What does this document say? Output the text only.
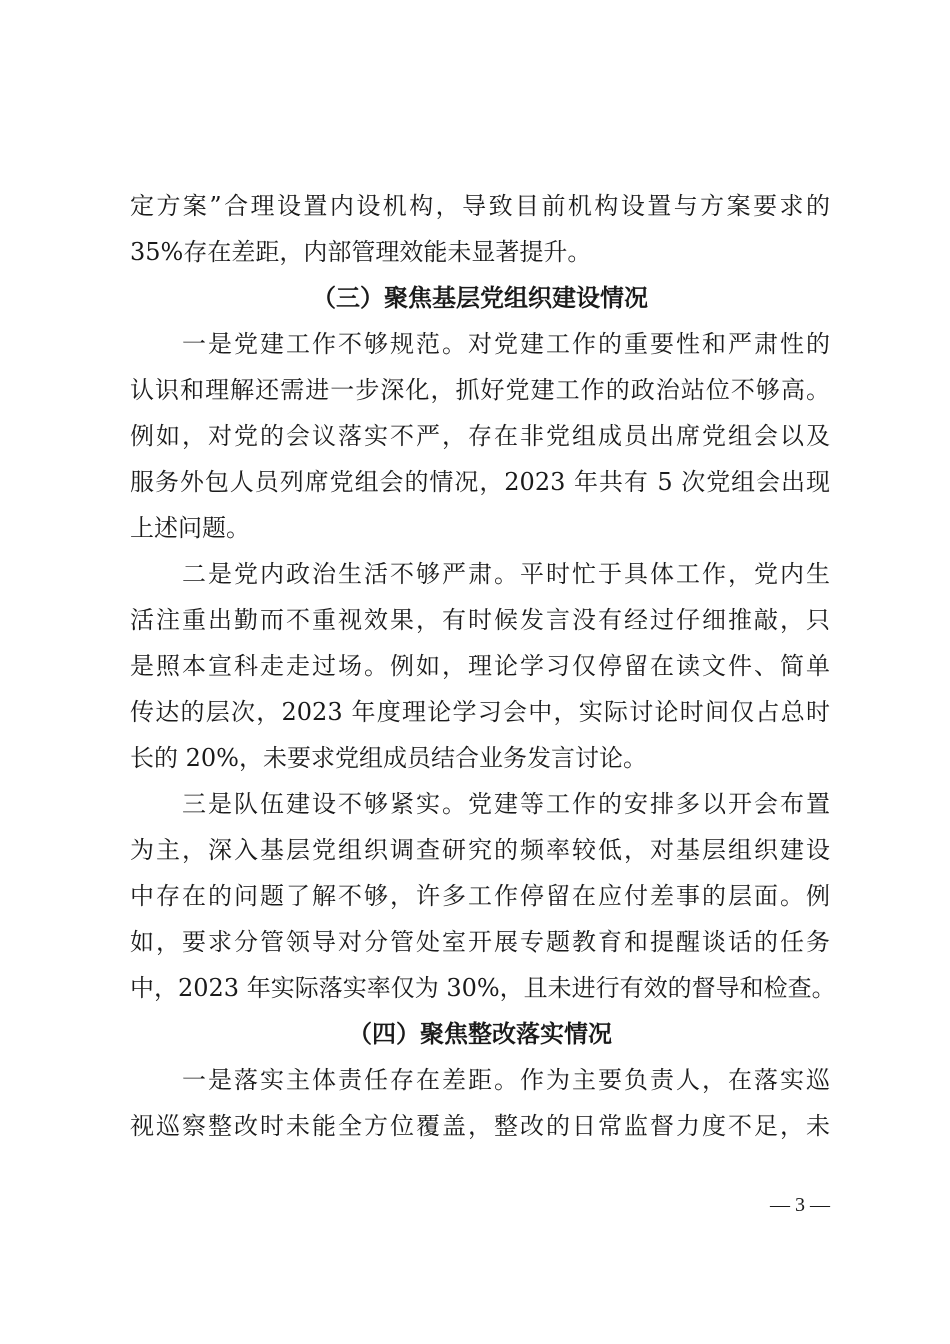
定方案”合理设置内设机构，导致目前机构设置与方案要求的
35%存在差距，内部管理效能未显著提升。
（三）聚焦基层党组织建设情况
　　一是党建工作不够规范。对党建工作的重要性和严肃性的
认识和理解还需进一步深化，抓好党建工作的政治站位不够高。
例如，对党的会议落实不严，存在非党组成员出席党组会以及
服务外包人员列席党组会的情况，2023 年共有 5 次党组会出现
上述问题。
　　二是党内政治生活不够严肃。平时忙于具体工作，党内生
活注重出勤而不重视效果，有时候发言没有经过仔细推敲，只
是照本宣科走走过场。例如，理论学习仅停留在读文件、简单
传达的层次，2023 年度理论学习会中，实际讨论时间仅占总时
长的 20%，未要求党组成员结合业务发言讨论。
　　三是队伍建设不够紧实。党建等工作的安排多以开会布置
为主，深入基层党组织调查研究的频率较低，对基层组织建设
中存在的问题了解不够，许多工作停留在应付差事的层面。例
如，要求分管领导对分管处室开展专题教育和提醒谈话的任务
中，2023 年实际落实率仅为 30%，且未进行有效的督导和检查。
（四）聚焦整改落实情况
　　一是落实主体责任存在差距。作为主要负责人，在落实巡
视巡察整改时未能全方位覆盖，整改的日常监督力度不足，未
— 3 —
